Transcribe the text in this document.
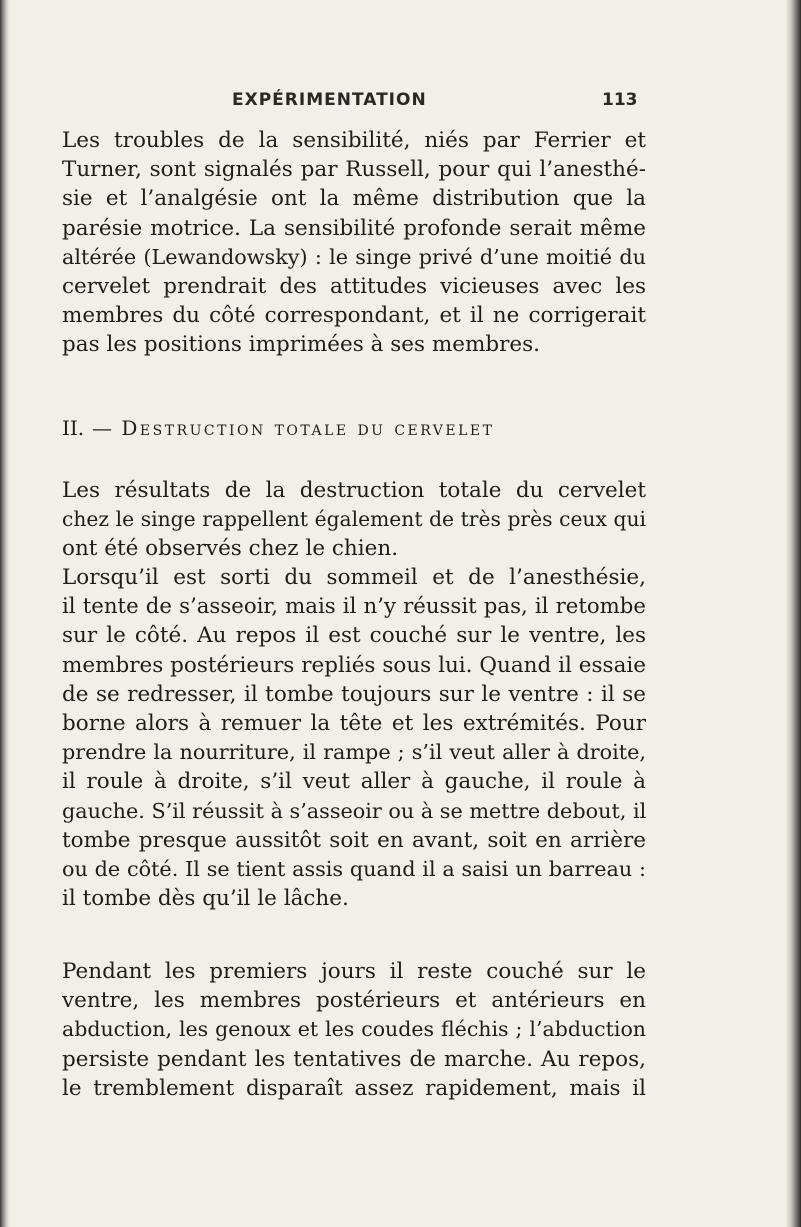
EXPÉRIMENTATION	113

Les troubles de la sensibilité, niés par Ferrier et
Turner, sont signalés par Russell, pour qui l’anesthé-
sie et l’analgésie ont la même distribution que la
parésie motrice. La sensibilité profonde serait même
altérée (Lewandowsky) : le singe privé d’une moitié du
cervelet prendrait des attitudes vicieuses avec les
membres du côté correspondant, et il ne corrigerait
pas les positions imprimées à ses membres.

II. — Destruction totale du cervelet

Les résultats de la destruction totale du cervelet
chez le singe rappellent également de très près ceux qui
ont été observés chez le chien.

Lorsqu’il est sorti du sommeil et de l’anesthésie,
il tente de s’asseoir, mais il n’y réussit pas, il retombe
sur le côté. Au repos il est couché sur le ventre, les
membres postérieurs repliés sous lui. Quand il essaie
de se redresser, il tombe toujours sur le ventre : il se
borne alors à remuer la tête et les extrémités. Pour
prendre la nourriture, il rampe ; s’il veut aller à droite,
il roule à droite, s’il veut aller à gauche, il roule à
gauche. S’il réussit à s’asseoir ou à se mettre debout, il
tombe presque aussitôt soit en avant, soit en arrière
ou de côté. Il se tient assis quand il a saisi un barreau :
il tombe dès qu’il le lâche.

Pendant les premiers jours il reste couché sur le
ventre, les membres postérieurs et antérieurs en
abduction, les genoux et les coudes fléchis ; l’abduction
persiste pendant les tentatives de marche. Au repos,
le tremblement disparaît assez rapidement, mais il
